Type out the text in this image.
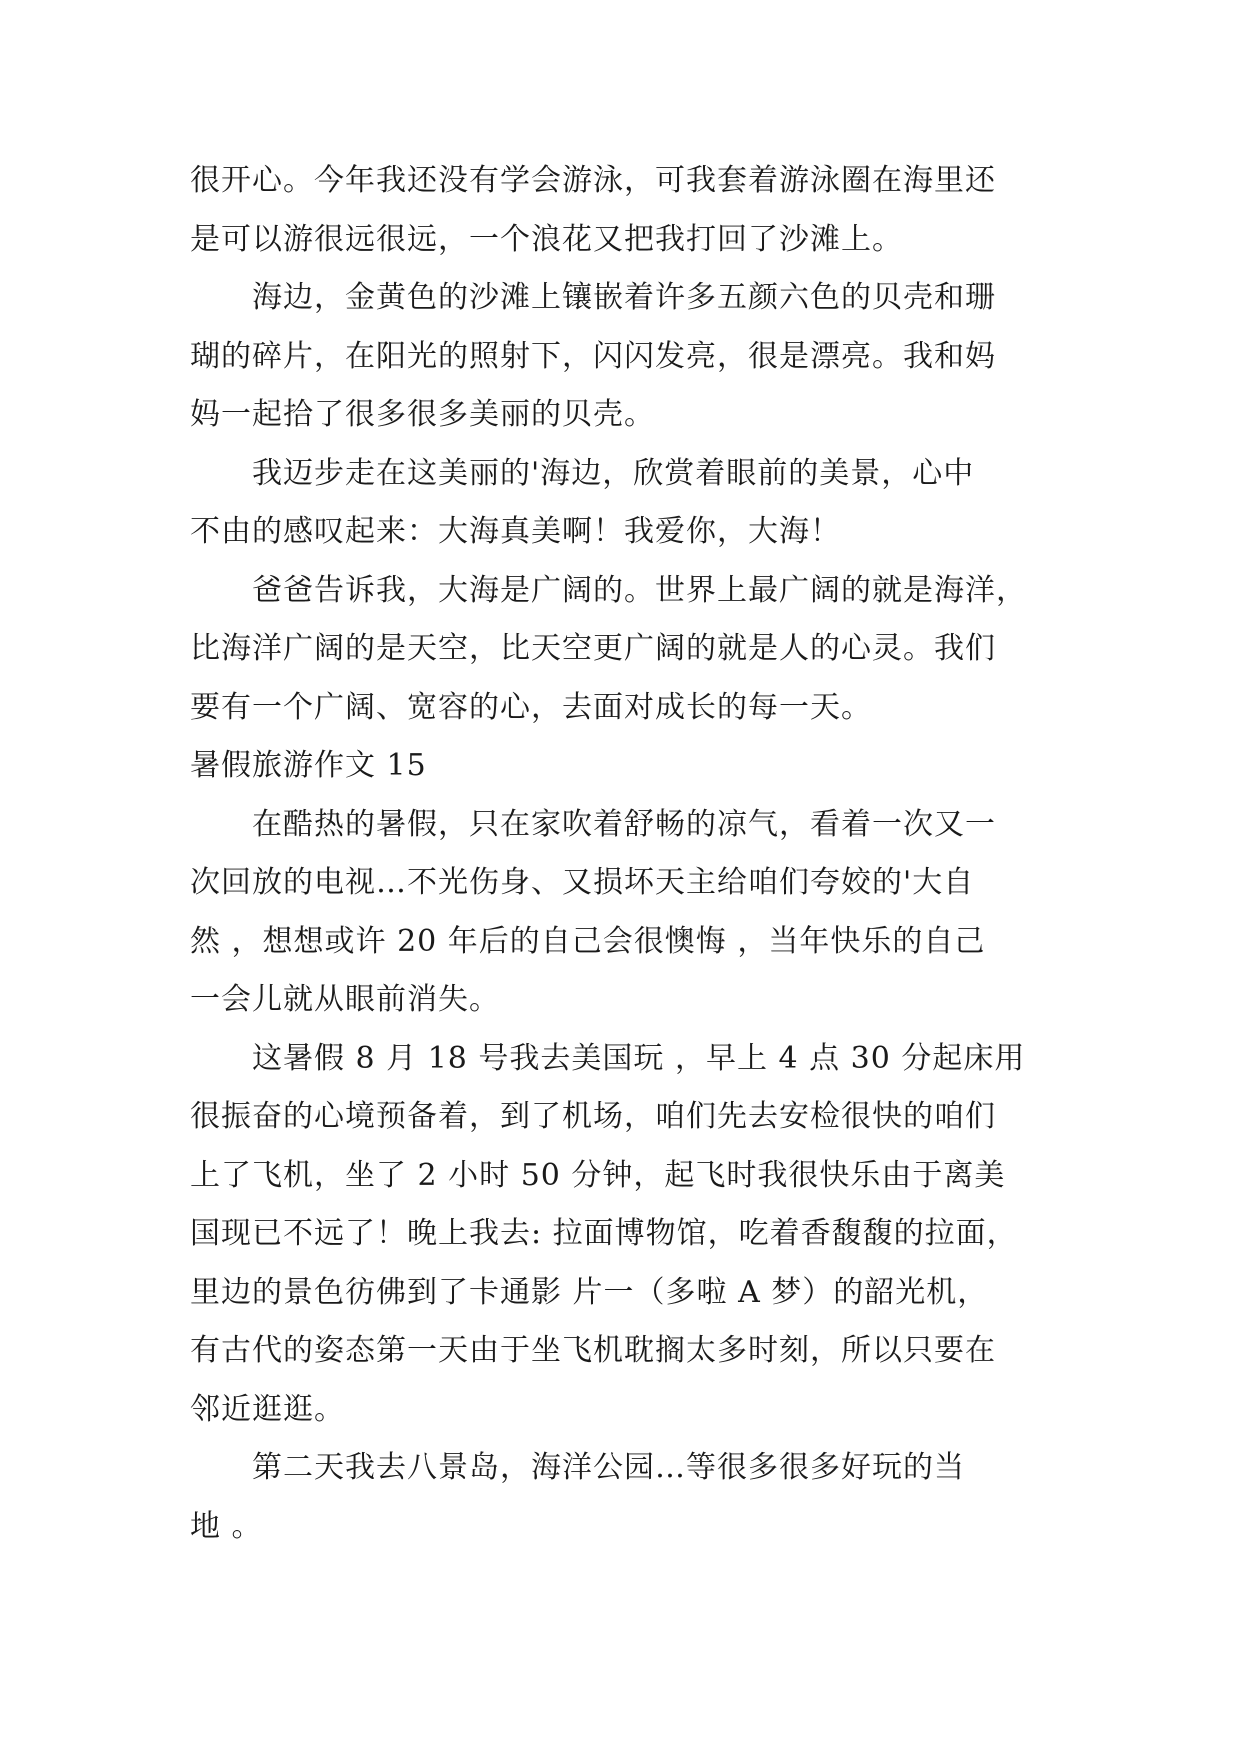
很开心。今年我还没有学会游泳，可我套着游泳圈在海里还
是可以游很远很远，一个浪花又把我打回了沙滩上。
海边，金黄色的沙滩上镶嵌着许多五颜六色的贝壳和珊
瑚的碎片，在阳光的照射下，闪闪发亮，很是漂亮。我和妈
妈一起拾了很多很多美丽的贝壳。
我迈步走在这美丽的'海边，欣赏着眼前的美景，心中
不由的感叹起来：大海真美啊！我爱你，大海！
爸爸告诉我，大海是广阔的。世界上最广阔的就是海洋，
比海洋广阔的是天空，比天空更广阔的就是人的心灵。我们
要有一个广阔、宽容的心，去面对成长的每一天。
暑假旅游作文 15
在酷热的暑假，只在家吹着舒畅的凉气，看着一次又一
次回放的电视…不光伤身、又损坏天主给咱们夸姣的'大自
然 ，想想或许 20 年后的自己会很懊悔 ，当年快乐的自己
一会儿就从眼前消失。
这暑假 8 月 18 号我去美国玩 ，早上 4 点 30 分起床用
很振奋的心境预备着，到了机场，咱们先去安检很快的咱们
上了飞机，坐了 2 小时 50 分钟，起飞时我很快乐由于离美
国现已不远了！晚上我去: 拉面博物馆，吃着香馥馥的拉面，
里边的景色彷佛到了卡通影 片一（多啦 A 梦）的韶光机，
有古代的姿态第一天由于坐飞机耽搁太多时刻，所以只要在
邻近逛逛。
第二天我去八景岛，海洋公园…等很多很多好玩的当
地 。
